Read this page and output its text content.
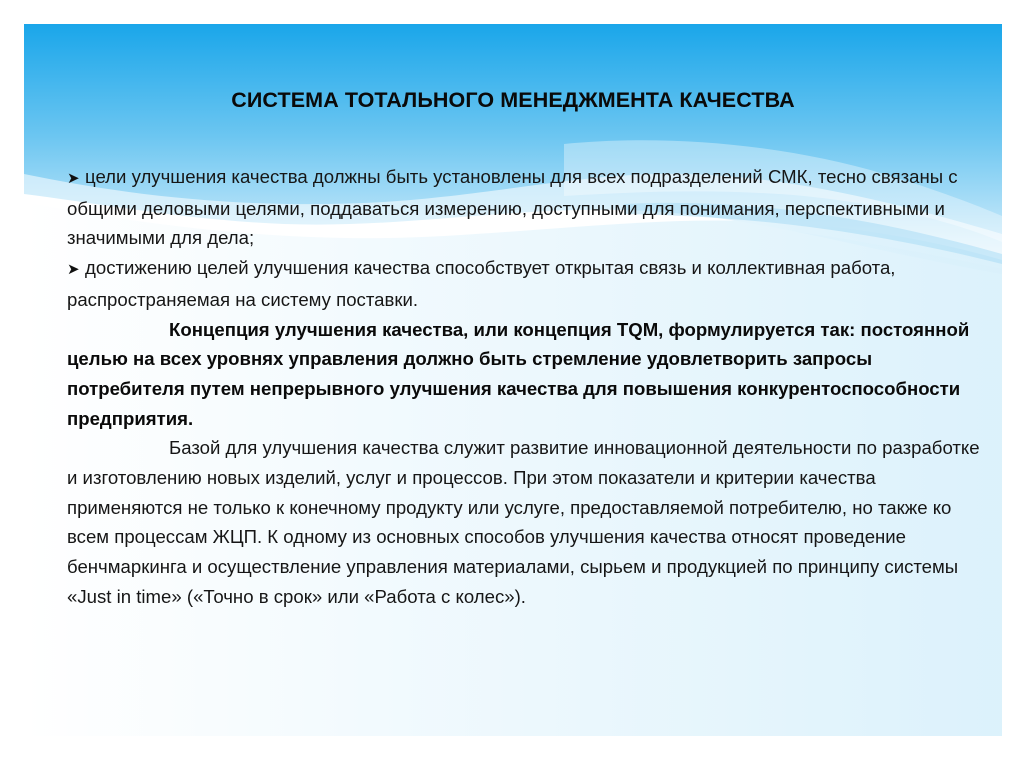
СИСТЕМА ТОТАЛЬНОГО МЕНЕДЖМЕНТА КАЧЕСТВА

➤ цели улучшения качества должны быть установлены для всех подразделений СМК, тесно связаны с общими деловыми целями, поддаваться измерению, доступными для понимания, перспективными и значимыми для дела;

➤ достижению целей улучшения качества способствует открытая связь и коллективная работа, распространяемая на систему поставки.

Концепция улучшения качества, или концепция TQM, формулируется так: постоянной целью на всех уровнях управления должно быть стремление удовлетворить запросы потребителя путем непрерывного улучшения качества для повышения конкурентоспособности предприятия.

Базой для улучшения качества служит развитие инновационной деятельности по разработке и изготовлению новых изделий, услуг и процессов. При этом показатели и критерии качества применяются не только к конечному продукту или услуге, предоставляемой потребителю, но также ко всем процессам ЖЦП. К одному из основных способов улучшения качества относят проведение бенчмаркинга и осуществление управления материалами, сырьем и продукцией по принципу системы «Just in time» («Точно в срок» или «Работа с колес»).
